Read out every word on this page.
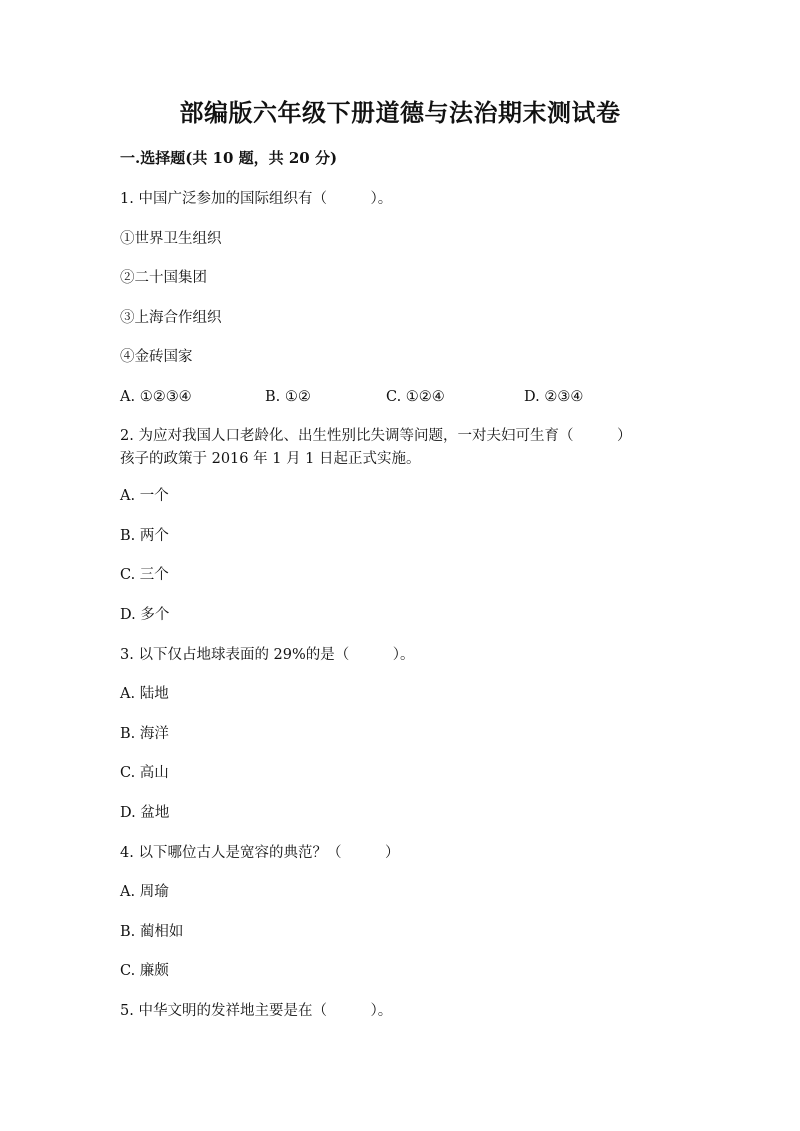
部编版六年级下册道德与法治期末测试卷
一.选择题(共 10 题，共 20 分)
1. 中国广泛参加的国际组织有（　　　）。
①世界卫生组织
②二十国集团
③上海合作组织
④金砖国家

A. ①②③④

	B. ①②

	C. ①②④

	D. ②③④

2. 为应对我国人口老龄化、出生性别比失调等问题，一对夫妇可生育（　　　）
孩子的政策于 2016 年 1 月 1 日起正式实施。
A. 一个
B. 两个
C. 三个
D. 多个
3. 以下仅占地球表面的 29%的是（　　　）。
A. 陆地
B. 海洋
C. 高山
D. 盆地
4. 以下哪位古人是宽容的典范？（　　　）
A. 周瑜
B. 蔺相如
C. 廉颇
5. 中华文明的发祥地主要是在（　　　）。
